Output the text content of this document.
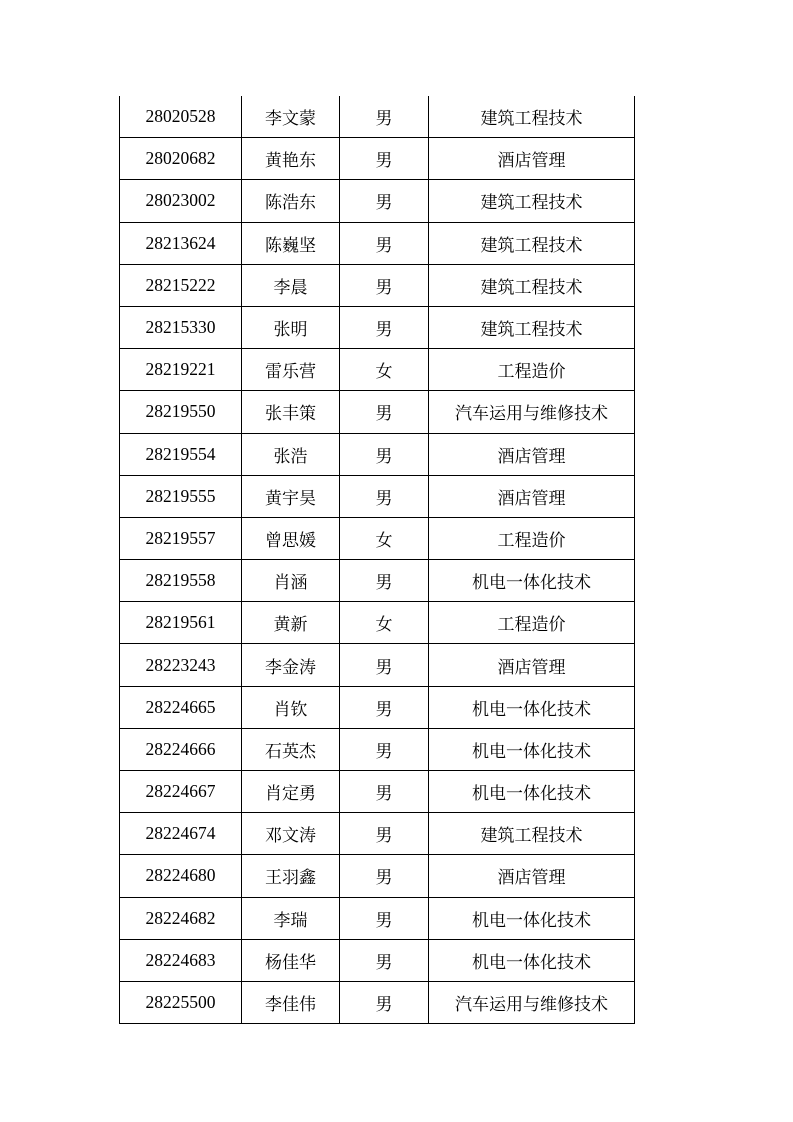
28020528	李文蒙	男	建筑工程技术
28020682	黄艳东	男	酒店管理
28023002	陈浩东	男	建筑工程技术
28213624	陈巍坚	男	建筑工程技术
28215222	李晨	男	建筑工程技术
28215330	张明	男	建筑工程技术
28219221	雷乐营	女	工程造价
28219550	张丰策	男	汽车运用与维修技术
28219554	张浩	男	酒店管理
28219555	黄宇昊	男	酒店管理
28219557	曾思媛	女	工程造价
28219558	肖涵	男	机电一体化技术
28219561	黄新	女	工程造价
28223243	李金涛	男	酒店管理
28224665	肖钦	男	机电一体化技术
28224666	石英杰	男	机电一体化技术
28224667	肖定勇	男	机电一体化技术
28224674	邓文涛	男	建筑工程技术
28224680	王羽鑫	男	酒店管理
28224682	李瑞	男	机电一体化技术
28224683	杨佳华	男	机电一体化技术
28225500	李佳伟	男	汽车运用与维修技术
